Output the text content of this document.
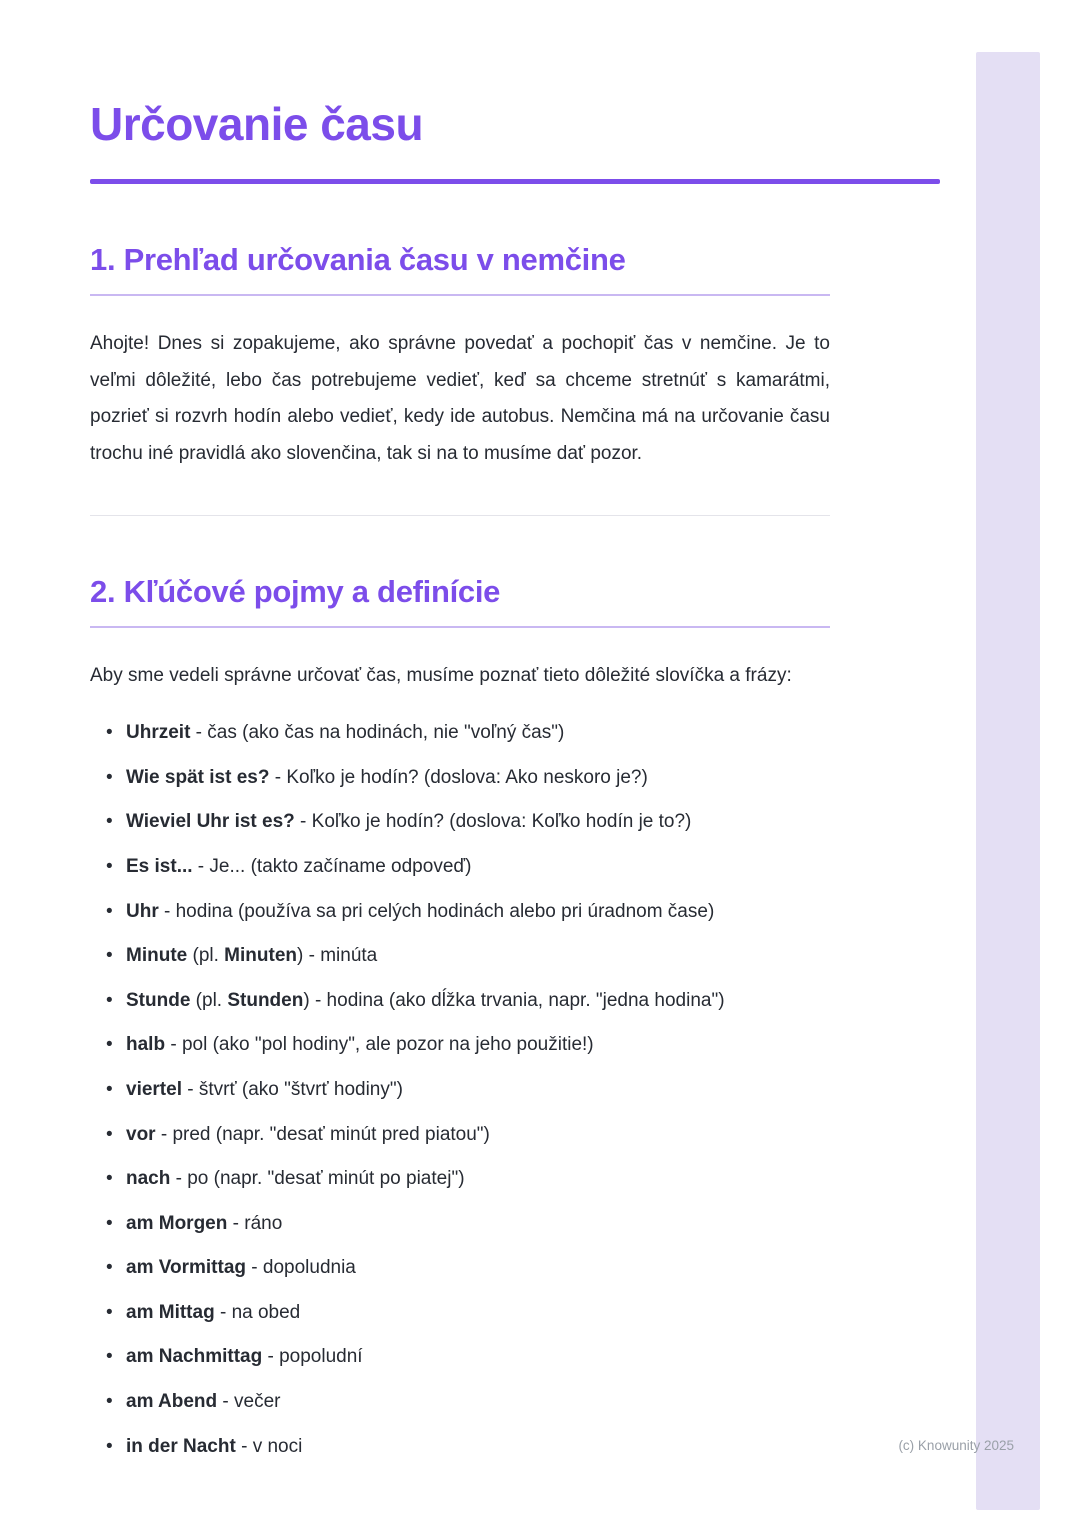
Určovanie času
1. Prehľad určovania času v nemčine

Ahojte! Dnes si zopakujeme, ako správne povedať a pochopiť čas v nemčine. Je to veľmi dôležité, lebo čas potrebujeme vedieť, keď sa chceme stretnúť s kamarátmi, pozrieť si rozvrh hodín alebo vedieť, kedy ide autobus. Nemčina má na určovanie času trochu iné pravidlá ako slovenčina, tak si na to musíme dať pozor.

2. Kľúčové pojmy a definície

Aby sme vedeli správne určovať čas, musíme poznať tieto dôležité slovíčka a frázy:

• Uhrzeit - čas (ako čas na hodinách, nie "voľný čas")
• Wie spät ist es? - Koľko je hodín? (doslova: Ako neskoro je?)
• Wieviel Uhr ist es? - Koľko je hodín? (doslova: Koľko hodín je to?)
• Es ist... - Je... (takto začíname odpoveď)
• Uhr - hodina (používa sa pri celých hodinách alebo pri úradnom čase)
• Minute (pl. Minuten) - minúta
• Stunde (pl. Stunden) - hodina (ako dĺžka trvania, napr. "jedna hodina")
• halb - pol (ako "pol hodiny", ale pozor na jeho použitie!)
• viertel - štvrť (ako "štvrť hodiny")
• vor - pred (napr. "desať minút pred piatou")
• nach - po (napr. "desať minút po piatej")
• am Morgen - ráno
• am Vormittag - dopoludnia
• am Mittag - na obed
• am Nachmittag - popoludní
• am Abend - večer
• in der Nacht - v noci	(c) Knowunity 2025
